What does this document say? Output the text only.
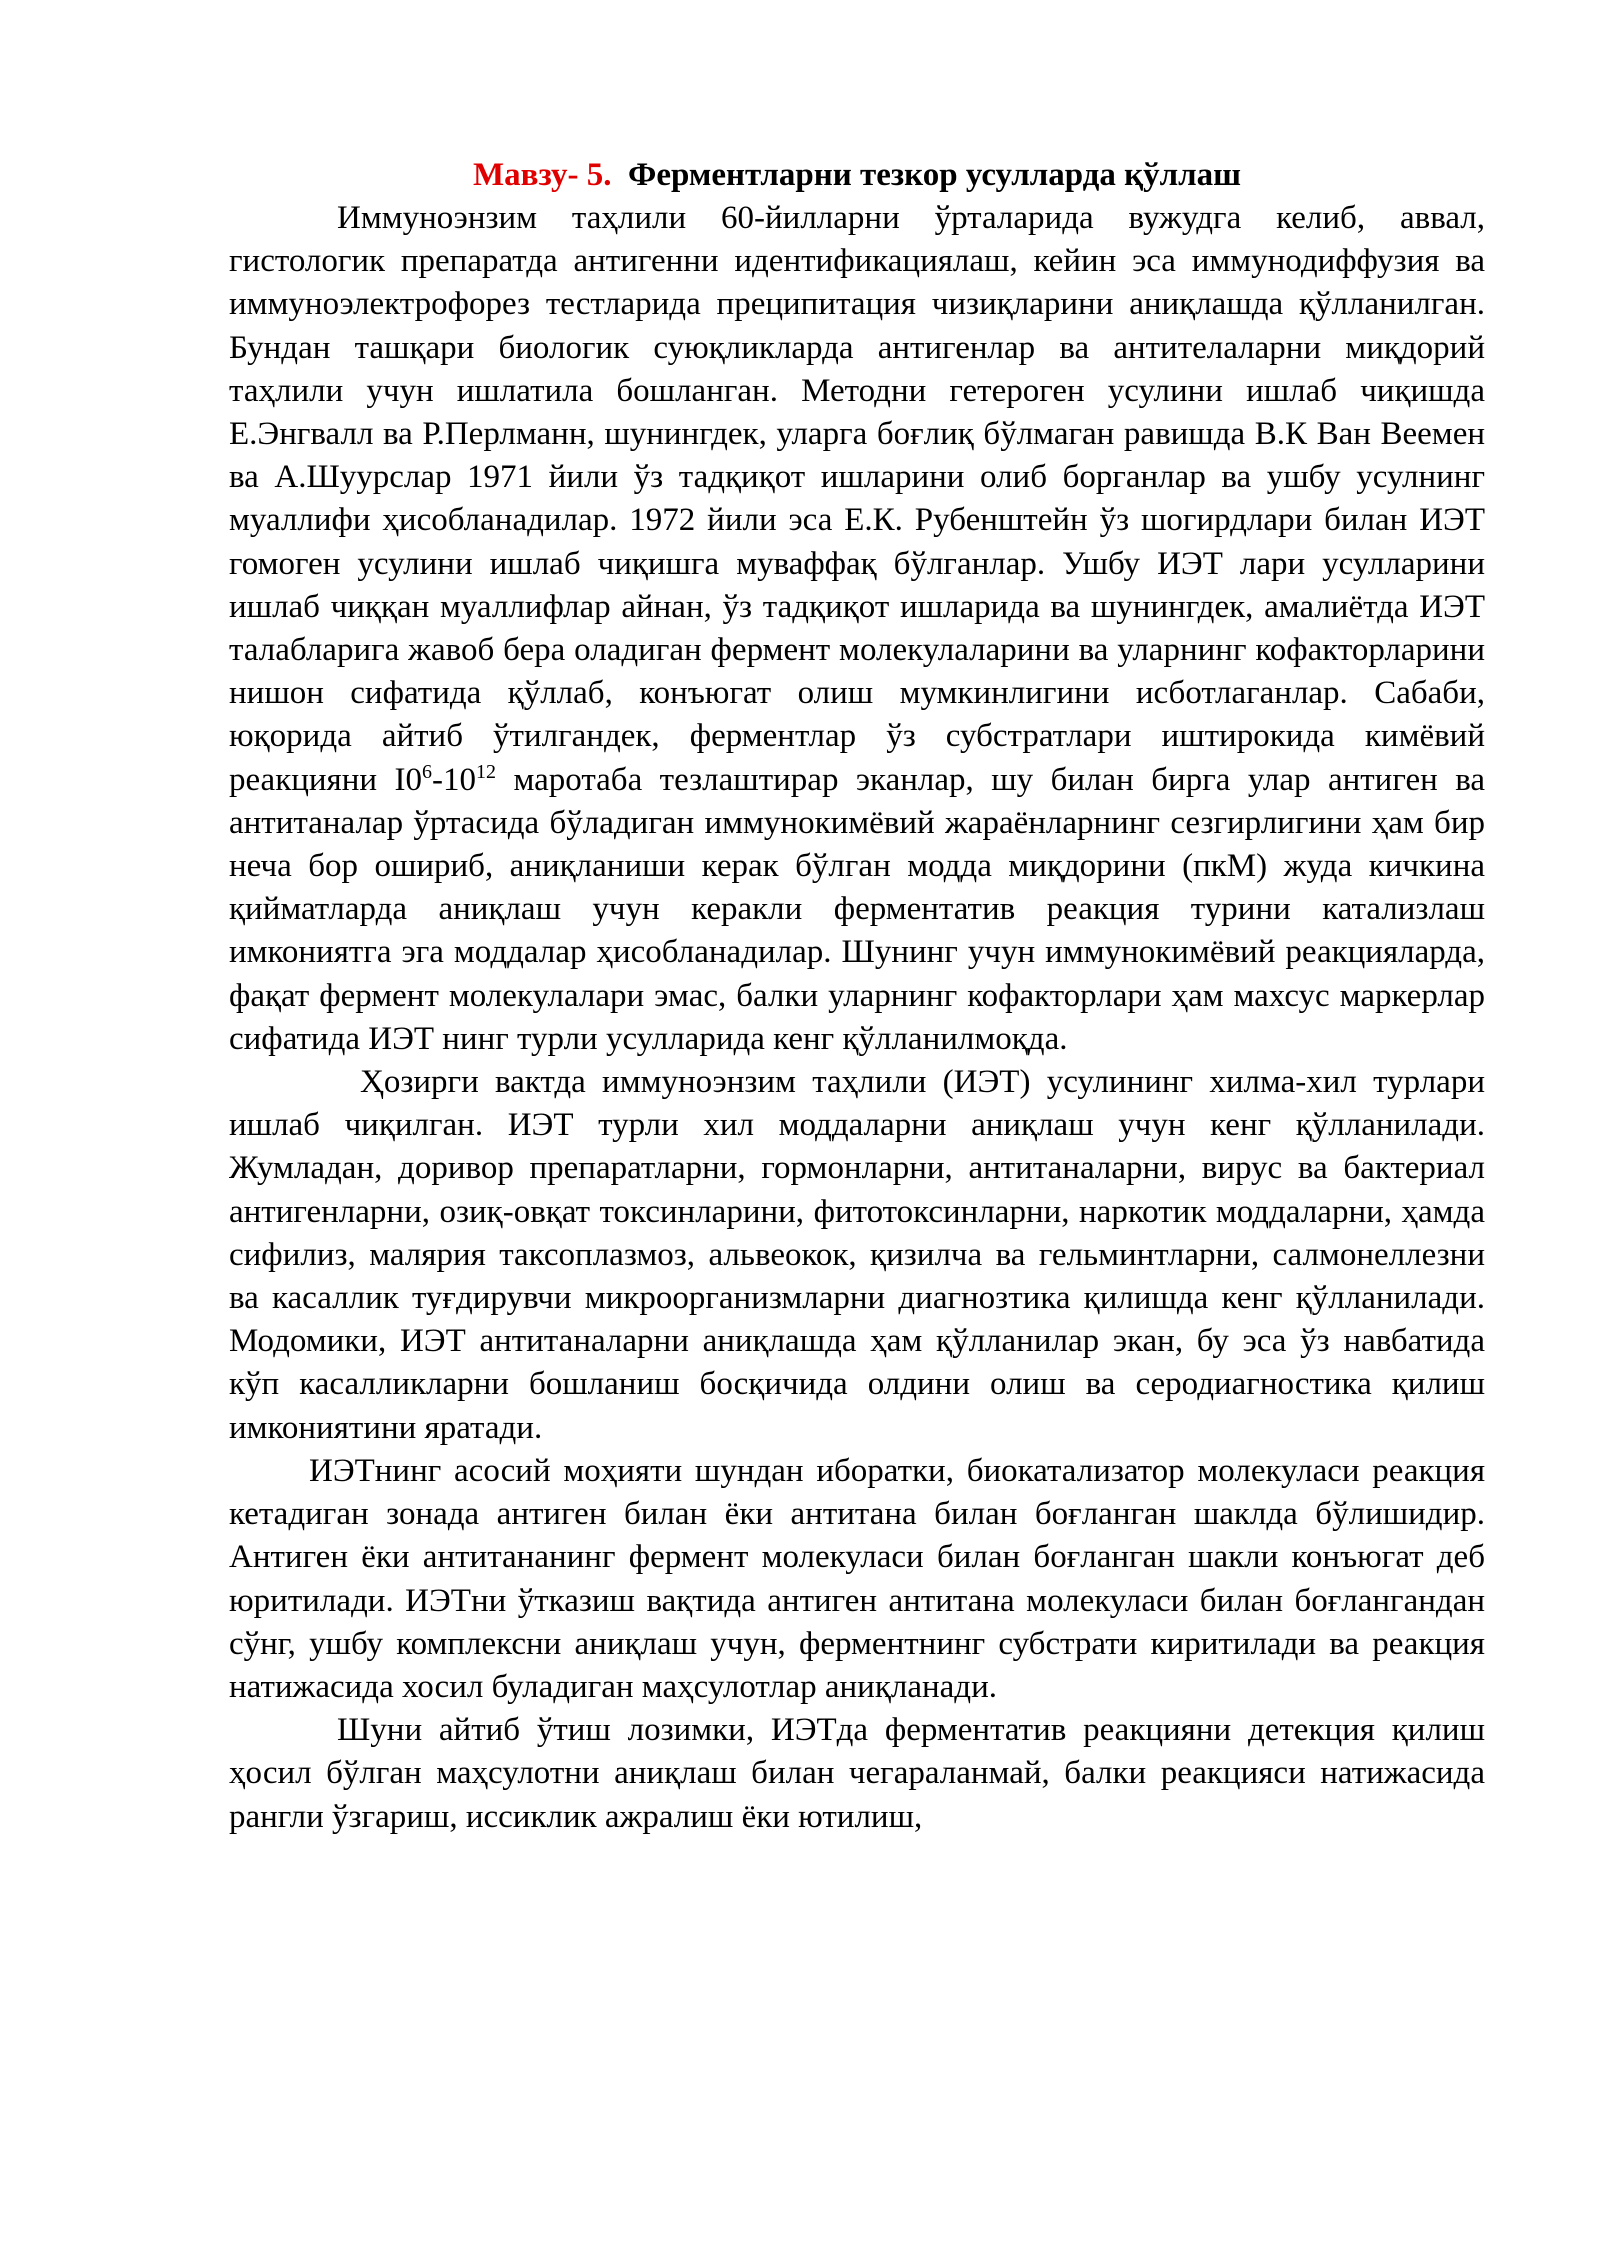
Мавзу- 5. Ферментларни тезкор усулларда қўллаш

Иммуноэнзим таҳлили 60-йилларни ўрталарида вужудга келиб, аввал, гистологик препаратда антигенни идентификациялаш, кейин эса иммунодиффузия ва иммуноэлектрофорез тестларида преципитация чизиқларини аниқлашда қўлланилган. Бундан ташқари биологик суюқликларда антигенлар ва антителаларни миқдорий таҳлили учун ишлатила бошланган. Методни гетероген усулини ишлаб чиқишда Е.Энгвалл ва Р.Перлманн, шунингдек, уларга боғлиқ бўлмаган равишда В.К Ван Веемен ва А.Шуурслар 1971 йили ўз тадқиқот ишларини олиб борганлар ва ушбу усулнинг муаллифи ҳисобланадилар. 1972 йили эса Е.К. Рубенштейн ўз шогирдлари билан ИЭТ гомоген усулини ишлаб чиқишга муваффақ бўлганлар. Ушбу ИЭТ лари усулларини ишлаб чиққан муаллифлар айнан, ўз тадқиқот ишларида ва шунингдек, амалиётда ИЭТ талабларига жавоб бера оладиган фермент молекулаларини ва уларнинг кофакторларини нишон сифатида қўллаб, конъюгат олиш мумкинлигини исботлаганлар. Сабаби, юқорида айтиб ўтилгандек, ферментлар ўз субстратлари иштирокида кимёвий реакцияни $I0^6-10^{12}$ маротаба тезлаштирар эканлар, шу билан бирга улар антиген ва антитаналар ўртасида бўладиган иммунокимёвий жараёнларнинг сезгирлигини ҳам бир неча бор ошириб, аниқланиши керак бўлган модда миқдорини (пкМ) жуда кичкина қийматларда аниқлаш учун керакли ферментатив реакция турини катализлаш имкониятга эга моддалар ҳисобланадилар. Шунинг учун иммунокимёвий реакцияларда, фақат фермент молекулалари эмас, балки уларнинг кофакторлари ҳам махсус маркерлар сифатида ИЭТ нинг турли усулларида кенг қўлланилмоқда.

Ҳозирги вактда иммуноэнзим таҳлили (ИЭТ) усулининг хилма-хил турлари ишлаб чиқилган. ИЭТ турли хил моддаларни аниқлаш учун кенг қўлланилади. Жумладан, доривор препаратларни, гормонларни, антитаналарни, вирус ва бактериал антигенларни, озиқ-овқат токсинларини, фитотоксинларни, наркотик моддаларни, ҳамда сифилиз, малярия таксоплазмоз, альвеокок, қизилча ва гельминтларни, салмонеллезни ва касаллик туғдирувчи микроорганизмларни диагнозтика қилишда кенг қўлланилади. Модомики, ИЭТ антитаналарни аниқлашда ҳам қўлланилар экан, бу эса ўз навбатида кўп касалликларни бошланиш босқичида олдини олиш ва серодиагностика қилиш имкониятини яратади.

ИЭТнинг асосий моҳияти шундан иборатки, биокатализатор молекуласи реакция кетадиган зонада антиген билан ёки антитана билан боғланган шаклда бўлишидир. Антиген ёки антитананинг фермент молекуласи билан боғланган шакли конъюгат деб юритилади. ИЭТни ўтказиш вақтида антиген антитана молекуласи билан боғлангандан сўнг, ушбу комплексни аниқлаш учун, ферментнинг субстрати киритилади ва реакция натижасида хосил буладиган маҳсулотлар аниқланади.

Шуни айтиб ўтиш лозимки, ИЭТда ферментатив реакцияни детекция қилиш ҳосил бўлган маҳсулотни аниқлаш билан чегараланмай, балки реакцияси натижасида рангли ўзгариш, иссиклик ажралиш ёки ютилиш,
